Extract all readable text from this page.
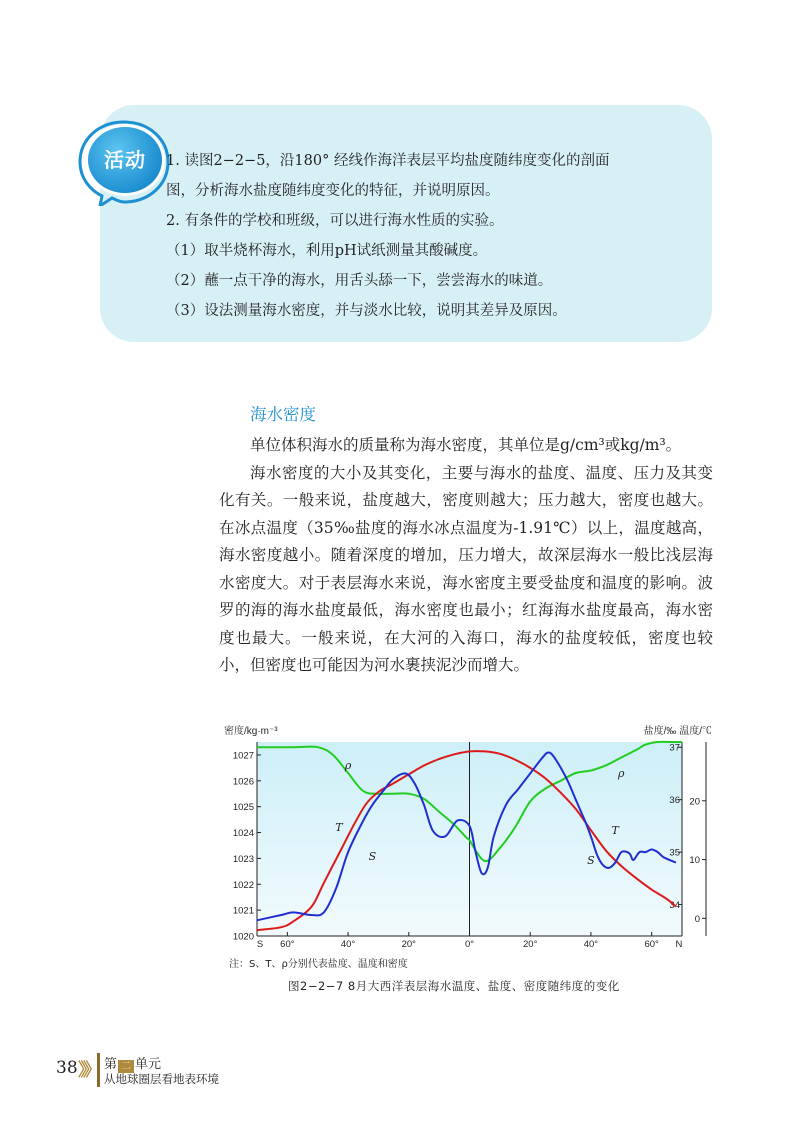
活动	1. 读图2−2−5，沿180° 经线作海洋表层平均盐度随纬度变化的剖面
图，分析海水盐度随纬度变化的特征，并说明原因。
2. 有条件的学校和班级，可以进行海水性质的实验。
（1）取半烧杯海水，利用pH试纸测量其酸碱度。
（2）蘸一点干净的海水，用舌头舔一下，尝尝海水的味道。
（3）设法测量海水密度，并与淡水比较，说明其差异及原因。
海水密度

单位体积海水的质量称为海水密度，其单位是g/cm³或kg/m³。

海水密度的大小及其变化，主要与海水的盐度、温度、压力及其变化有关。一般来说，盐度越大，密度则越大；压力越大，密度也越大。在冰点温度（35‰盐度的海水冰点温度为-1.91℃）以上，温度越高，海水密度越小。随着深度的增加，压力增大，故深层海水一般比浅层海水密度大。对于表层海水来说，海水密度主要受盐度和温度的影响。波罗的海的海水盐度最低，海水密度也最小；红海海水盐度最高，海水密度也最大。一般来说，在大河的入海口，海水的盐度较低，密度也较小，但密度也可能因为河水裹挟泥沙而增大。

密度/kg·m⁻³	盐度/‰ 温度/℃
1027
1026
1025
1024
1023
1022
1021
1020
37
36
35
34
20
10
0
S 60°	40°	20°	0°	20°	40°	60° N
ρ
ρ
T	T
S	S
注：S、T、ρ分别代表盐度、温度和密度
图2−2−7 8月大西洋表层海水温度、盐度、密度随纬度的变化
38 》》 第 二 单元
从地球圈层看地表环境
